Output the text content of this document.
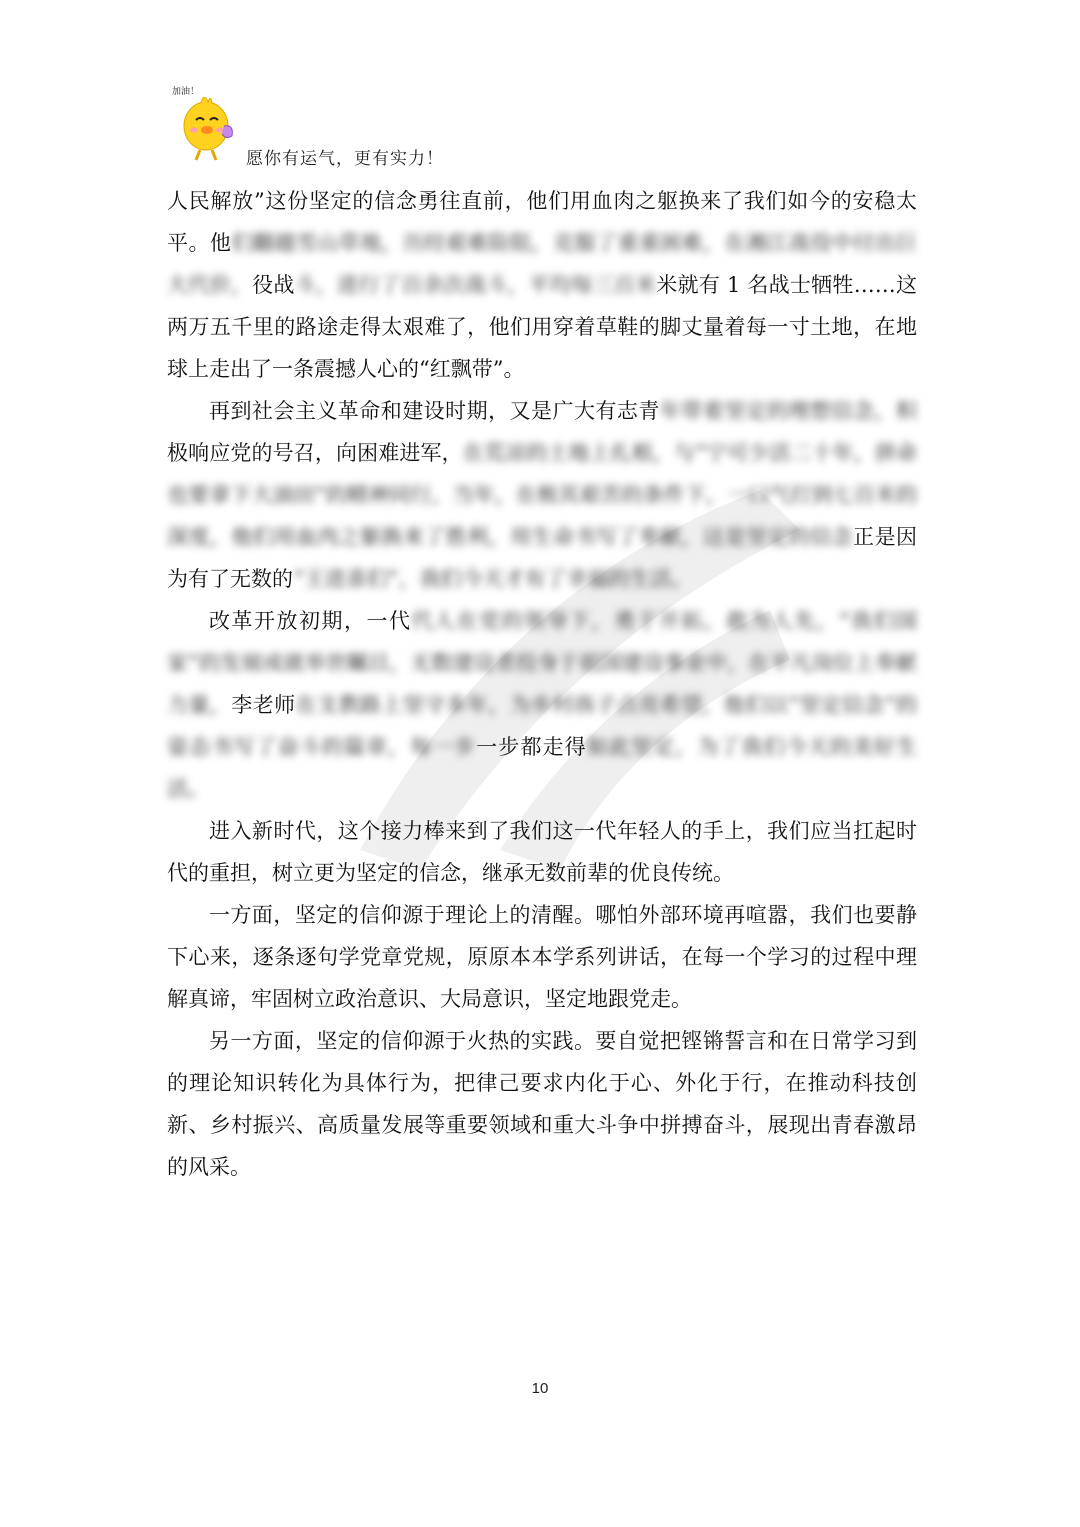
加油！
愿你有运气，更有实力！

人民解放”这份坚定的信念勇往直前，他们用血肉之躯换来了我们如今的安稳太平。他们翻越雪山草地，历经艰难险阻，克服了重重困难，在湘江战役中付出巨大代价，役战斗，进行了百余次战斗，平均每三百米米就有 1 名战士牺牲……这两万五千里的路途走得太艰难了，他们用穿着草鞋的脚丈量着每一寸土地，在地球上走出了一条震撼人心的“红飘带”。

再到社会主义革命和建设时期，又是广大有志青年带着坚定的理想信念，积极响应党的号召，向困难进军，在荒凉的土地上扎根，与“宁可少活二十年，拼命也要拿下大油田”的精神同行，当年，在极其艰苦的条件下，一口气打到七百米的深度，他们用血肉之躯换来了胜利，用生命书写了奉献，这是坚定的信念正是因为有了无数的“王进喜们”，我们今天才有了幸福的生活。

改革开放初期，一代代人在党的领导下，勇于开拓，敢为人先，“我们国家”的发展成就举世瞩目，无数建设者投身于祖国建设事业中，在平凡岗位上奉献力量，李老师在支教路上坚守多年，为乡村孩子点亮希望，他们以“坚定信念”的姿态书写了奋斗的篇章，每一步一步都走得如此坚定，为了我们今天的美好生活。

进入新时代，这个接力棒来到了我们这一代年轻人的手上，我们应当扛起时代的重担，树立更为坚定的信念，继承无数前辈的优良传统。

一方面，坚定的信仰源于理论上的清醒。哪怕外部环境再喧嚣，我们也要静下心来，逐条逐句学党章党规，原原本本学系列讲话，在每一个学习的过程中理解真谛，牢固树立政治意识、大局意识，坚定地跟党走。

另一方面，坚定的信仰源于火热的实践。要自觉把铿锵誓言和在日常学习到的理论知识转化为具体行为，把律己要求内化于心、外化于行，在推动科技创新、乡村振兴、高质量发展等重要领域和重大斗争中拼搏奋斗，展现出青春激昂的风采。

10
